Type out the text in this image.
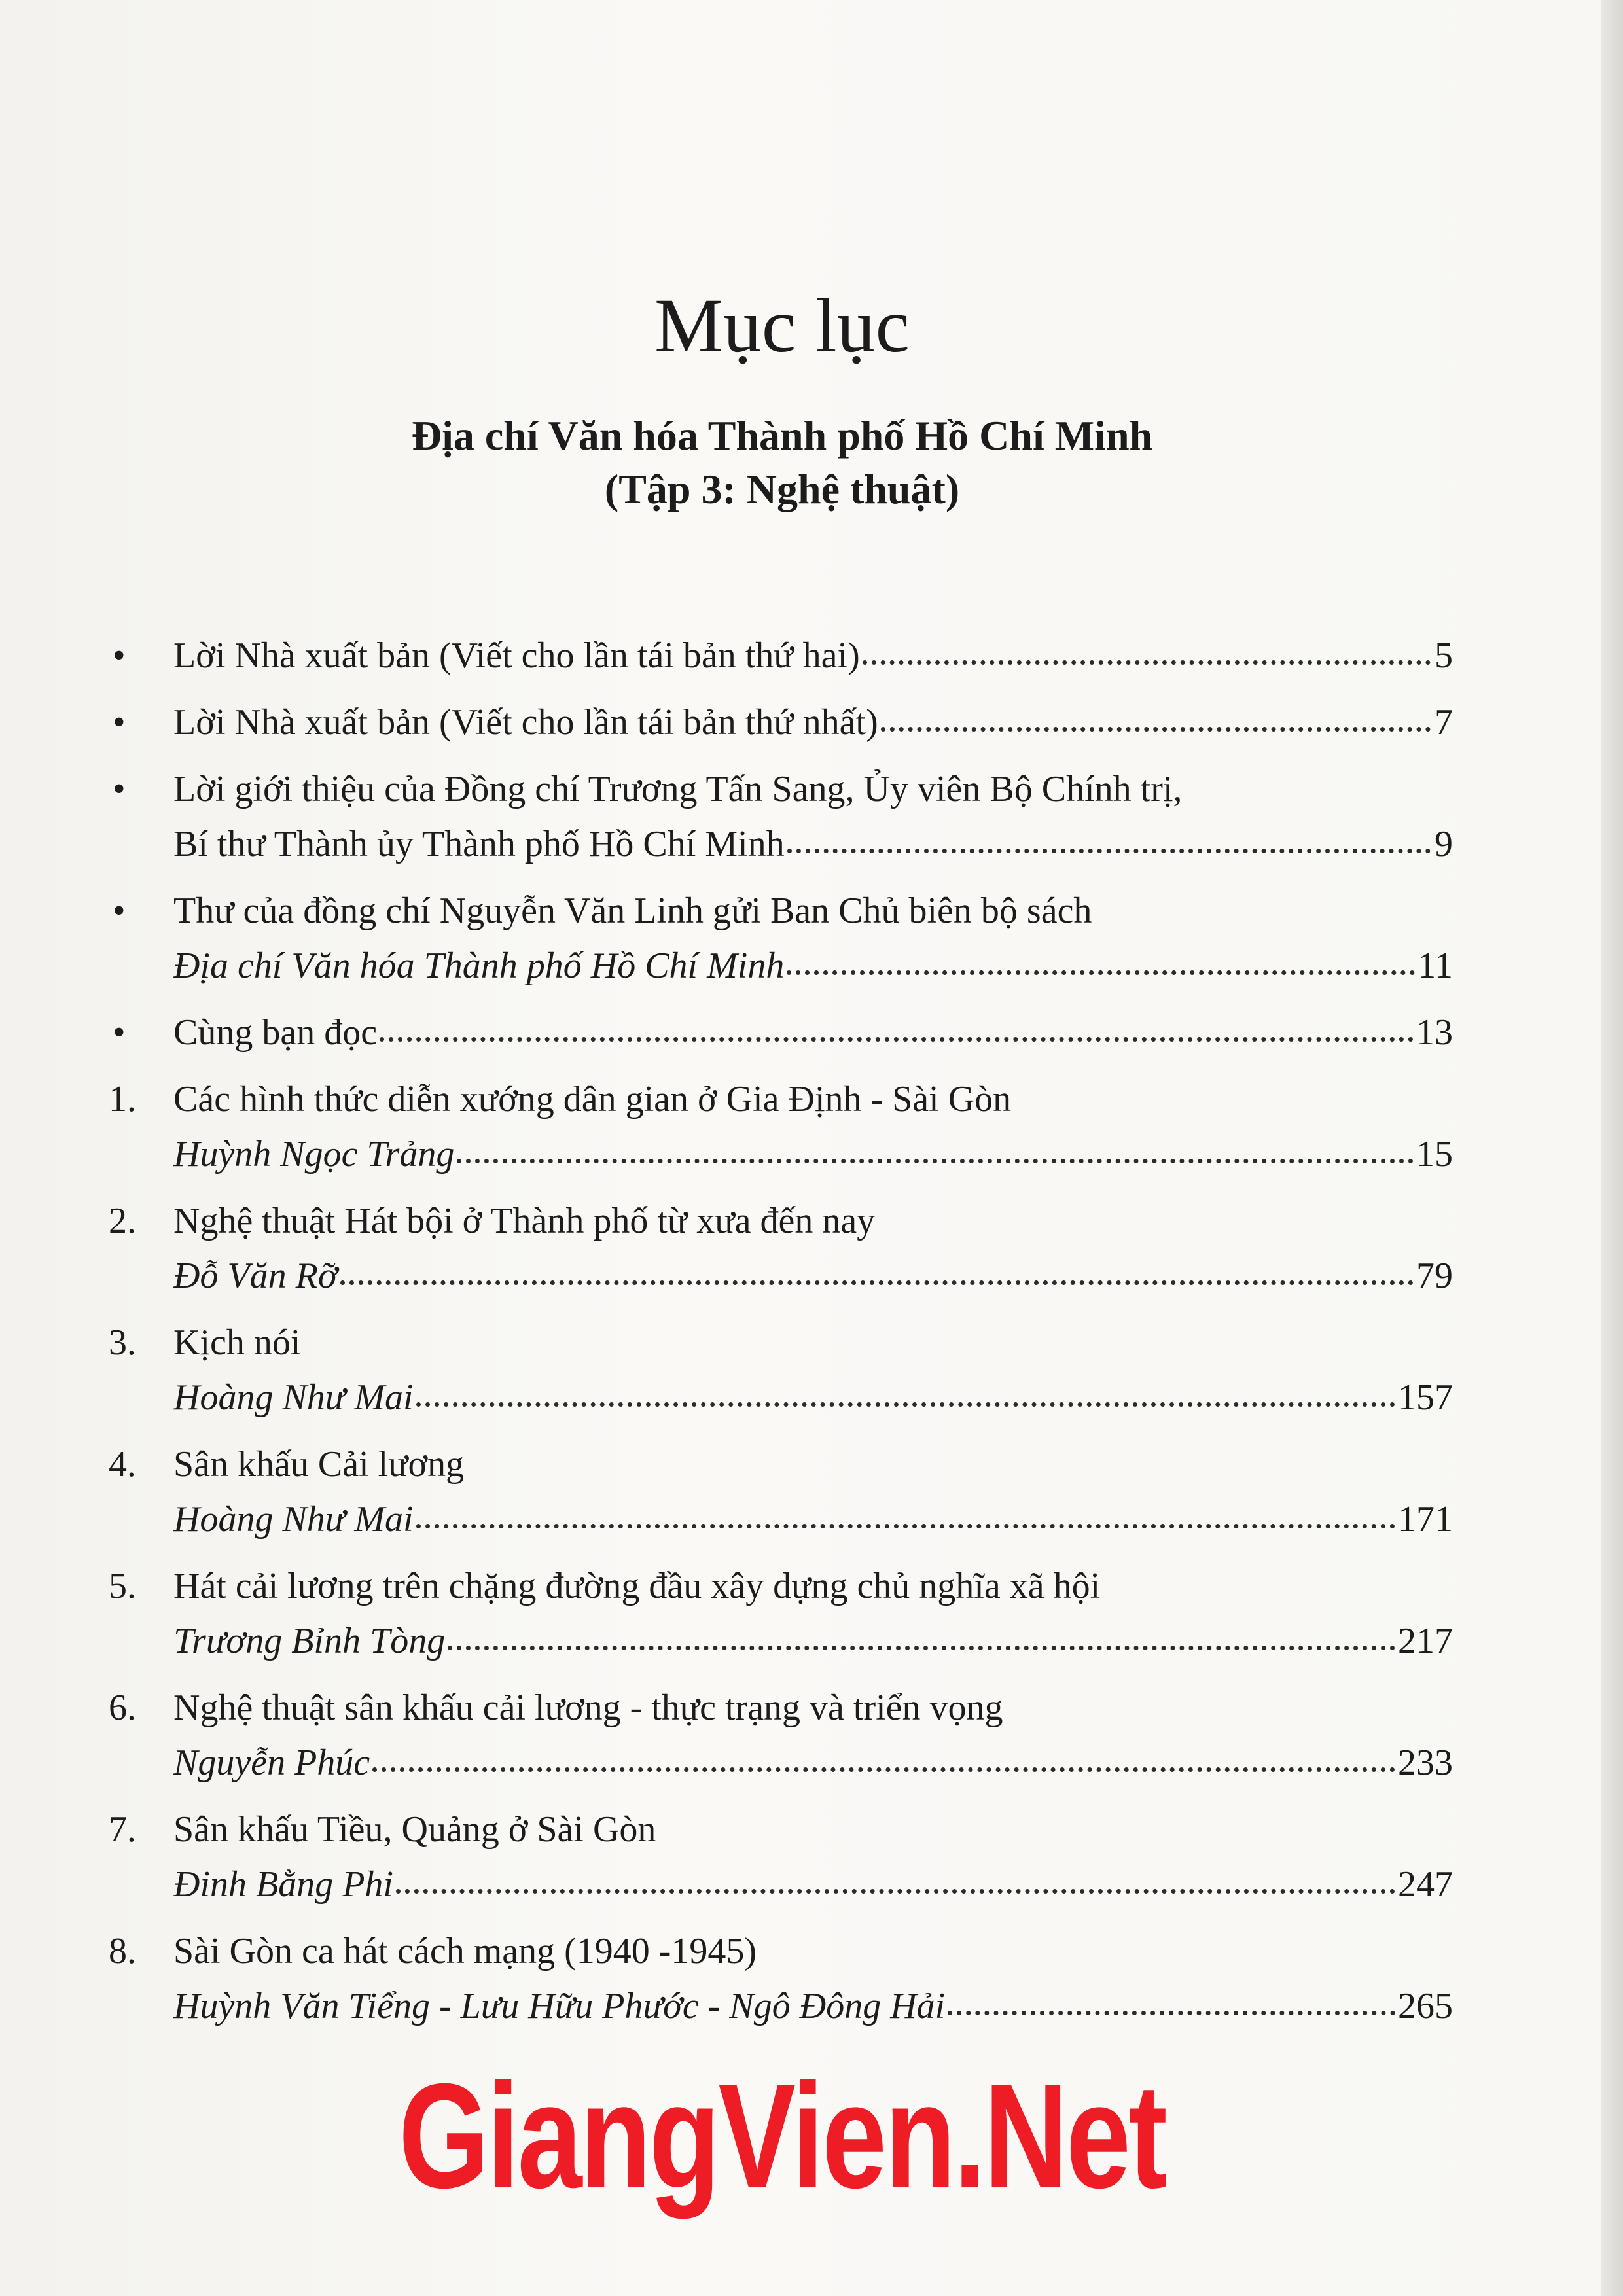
Mục lục
Địa chí Văn hóa Thành phố Hồ Chí Minh
(Tập 3: Nghệ thuật)
•	Lời Nhà xuất bản (Viết cho lần tái bản thứ hai)	5
•	Lời Nhà xuất bản (Viết cho lần tái bản thứ nhất)	7
•	Lời giới thiệu của Đồng chí Trương Tấn Sang, Ủy viên Bộ Chính trị,
Bí thư Thành ủy Thành phố Hồ Chí Minh	9
•	Thư của đồng chí Nguyễn Văn Linh gửi Ban Chủ biên bộ sách
Địa chí Văn hóa Thành phố Hồ Chí Minh	11
•	Cùng bạn đọc	13
1.	Các hình thức diễn xướng dân gian ở Gia Định - Sài Gòn
Huỳnh Ngọc Trảng	15
2.	Nghệ thuật Hát bội ở Thành phố từ xưa đến nay
Đỗ Văn Rỡ	79
3.	Kịch nói
Hoàng Như Mai	157
4.	Sân khấu Cải lương
Hoàng Như Mai	171
5.	Hát cải lương trên chặng đường đầu xây dựng chủ nghĩa xã hội
Trương Bỉnh Tòng	217
6.	Nghệ thuật sân khấu cải lương - thực trạng và triển vọng
Nguyễn Phúc	233
7.	Sân khấu Tiều, Quảng ở Sài Gòn
Đinh Bằng Phi	247
8.	Sài Gòn ca hát cách mạng (1940 -1945)
Huỳnh Văn Tiểng - Lưu Hữu Phước - Ngô Đông Hải	265
GiangVien.Net
